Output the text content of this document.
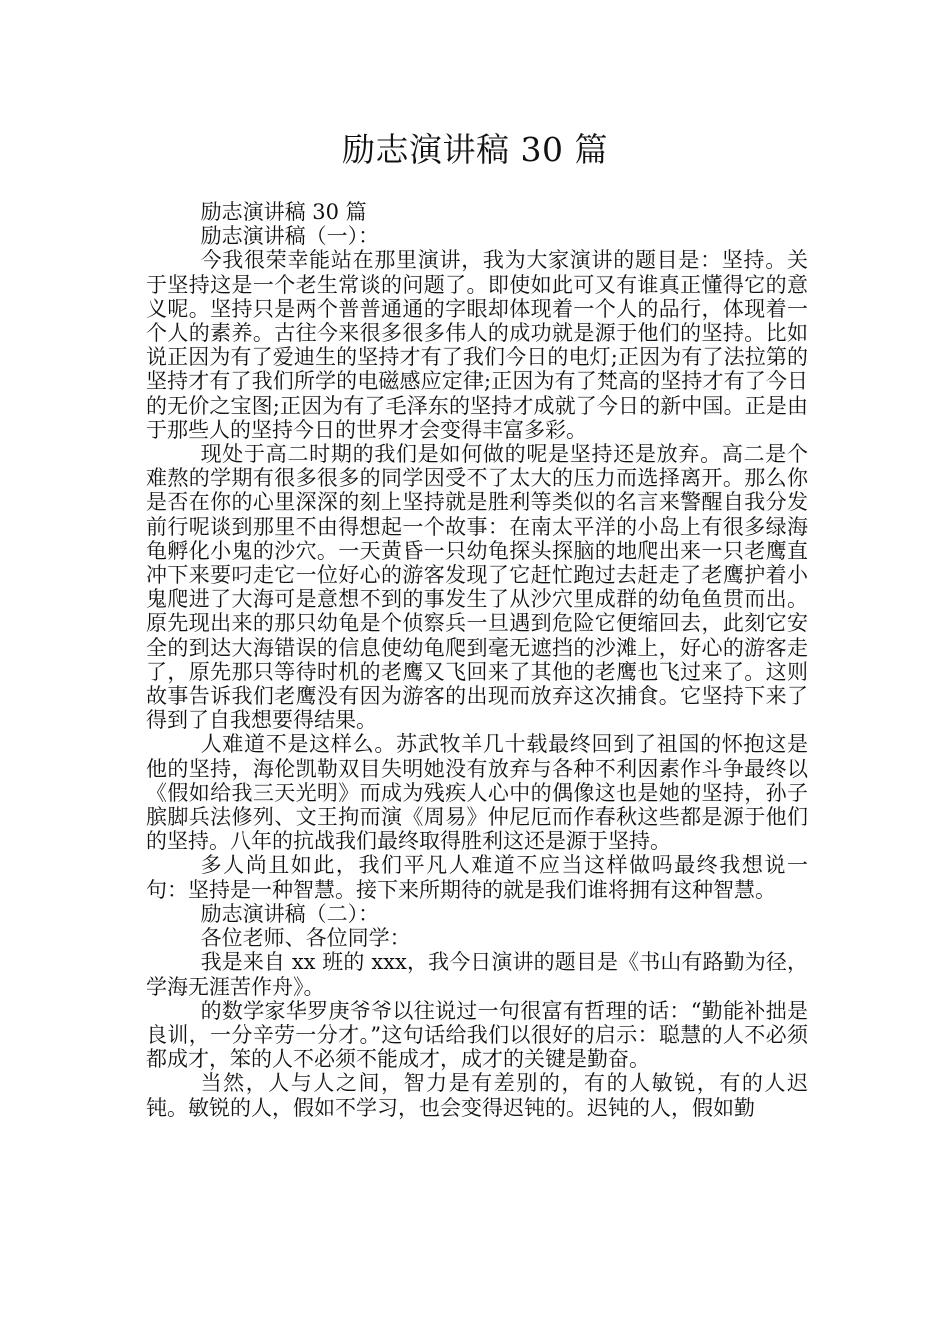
励志演讲稿 30 篇

励志演讲稿 30 篇

励志演讲稿（一）：

今我很荣幸能站在那里演讲，我为大家演讲的题目是：坚持。关于坚持这是一个老生常谈的问题了。即使如此可又有谁真正懂得它的意义呢。坚持只是两个普普通通的字眼却体现着一个人的品行，体现着一个人的素养。古往今来很多很多伟人的成功就是源于他们的坚持。比如说正因为有了爱迪生的坚持才有了我们今日的电灯;正因为有了法拉第的坚持才有了我们所学的电磁感应定律;正因为有了梵高的坚持才有了今日的无价之宝图;正因为有了毛泽东的坚持才成就了今日的新中国。正是由于那些人的坚持今日的世界才会变得丰富多彩。

现处于高二时期的我们是如何做的呢是坚持还是放弃。高二是个难熬的学期有很多很多的同学因受不了太大的压力而选择离开。那么你是否在你的心里深深的刻上坚持就是胜利等类似的名言来警醒自我分发前行呢谈到那里不由得想起一个故事：在南太平洋的小岛上有很多绿海龟孵化小鬼的沙穴。一天黄昏一只幼龟探头探脑的地爬出来一只老鹰直冲下来要叼走它一位好心的游客发现了它赶忙跑过去赶走了老鹰护着小鬼爬进了大海可是意想不到的事发生了从沙穴里成群的幼龟鱼贯而出。原先现出来的那只幼龟是个侦察兵一旦遇到危险它便缩回去，此刻它安全的到达大海错误的信息使幼龟爬到毫无遮挡的沙滩上，好心的游客走了，原先那只等待时机的老鹰又飞回来了其他的老鹰也飞过来了。这则故事告诉我们老鹰没有因为游客的出现而放弃这次捕食。它坚持下来了得到了自我想要得结果。

人难道不是这样么。苏武牧羊几十载最终回到了祖国的怀抱这是他的坚持，海伦凯勒双目失明她没有放弃与各种不利因素作斗争最终以《假如给我三天光明》而成为残疾人心中的偶像这也是她的坚持，孙子膑脚兵法修列、文王拘而演《周易》仲尼厄而作春秋这些都是源于他们的坚持。八年的抗战我们最终取得胜利这还是源于坚持。

多人尚且如此，我们平凡人难道不应当这样做吗最终我想说一句：坚持是一种智慧。接下来所期待的就是我们谁将拥有这种智慧。

励志演讲稿（二）：

各位老师、各位同学：

我是来自 xx 班的 xxx，我今日演讲的题目是《书山有路勤为径，学海无涯苦作舟》。

的数学家华罗庚爷爷以往说过一句很富有哲理的话：“勤能补拙是良训，一分辛劳一分才。”这句话给我们以很好的启示：聪慧的人不必须都成才，笨的人不必须不能成才，成才的关键是勤奋。

当然，人与人之间，智力是有差别的，有的人敏锐，有的人迟钝。敏锐的人，假如不学习，也会变得迟钝的。迟钝的人，假如勤
